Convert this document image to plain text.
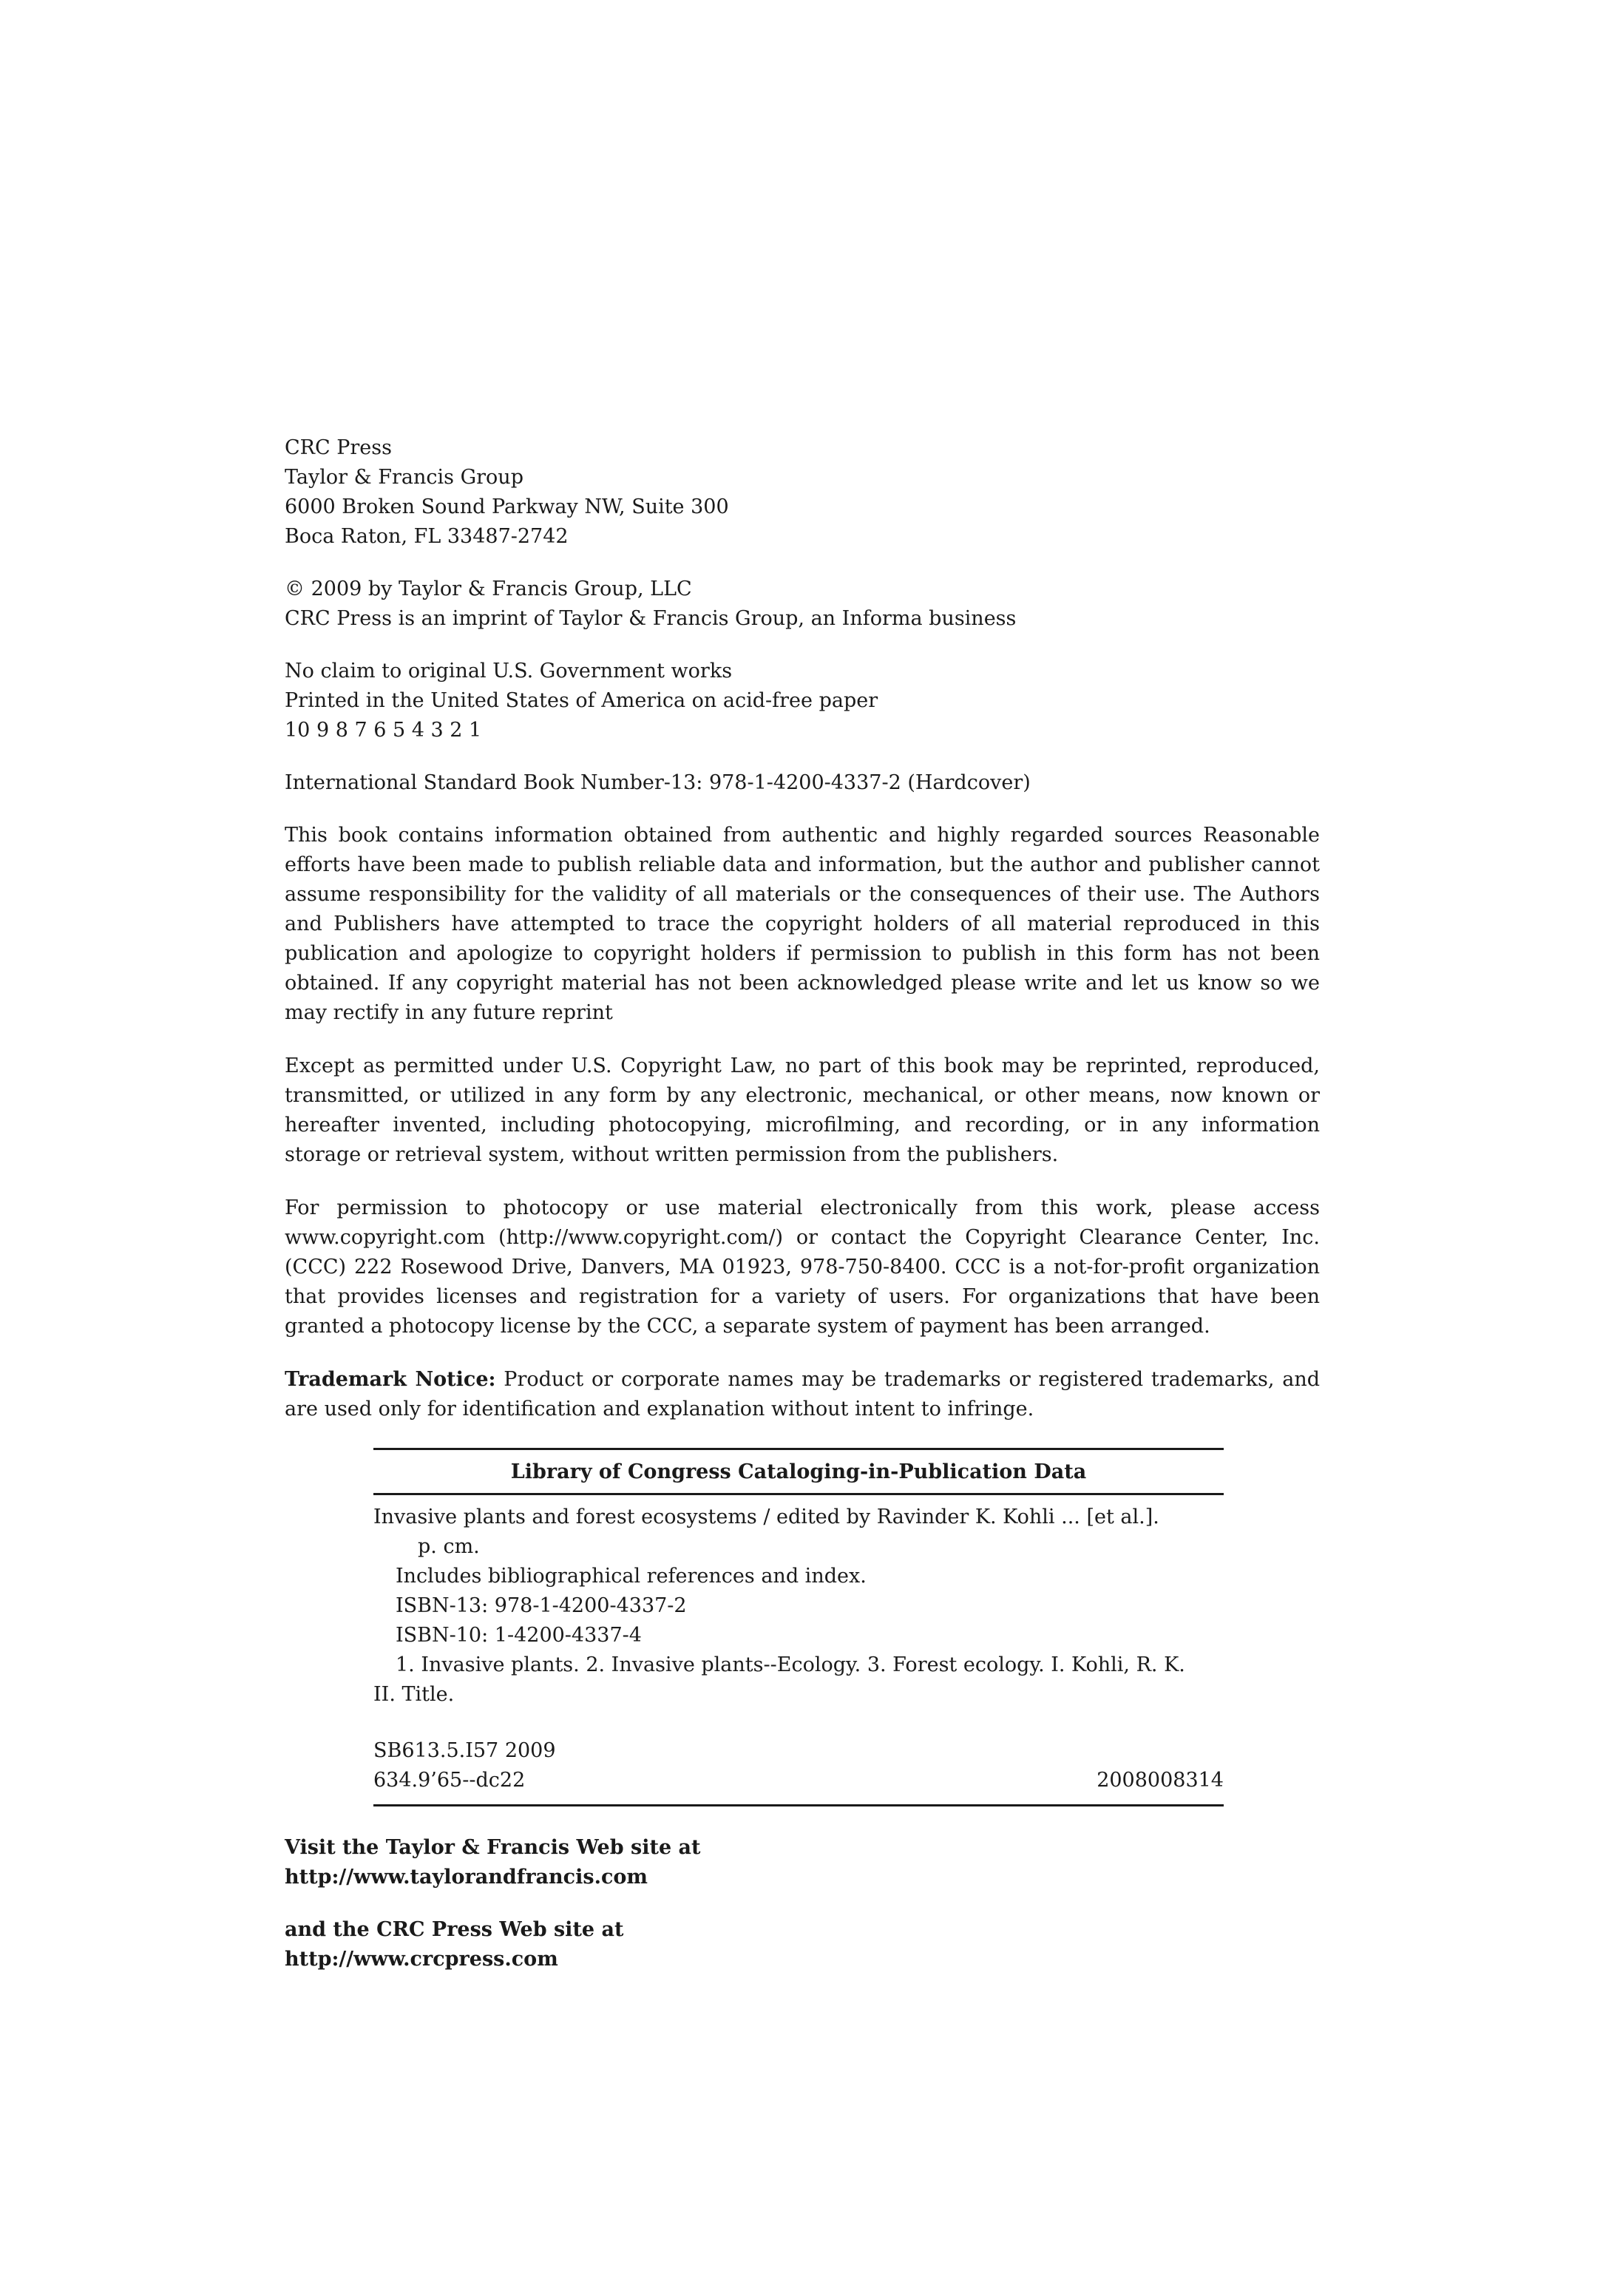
CRC Press
Taylor & Francis Group
6000 Broken Sound Parkway NW, Suite 300
Boca Raton, FL 33487-2742
© 2009 by Taylor & Francis Group, LLC
CRC Press is an imprint of Taylor & Francis Group, an Informa business
No claim to original U.S. Government works
Printed in the United States of America on acid-free paper
10 9 8 7 6 5 4 3 2 1
International Standard Book Number-13: 978-1-4200-4337-2 (Hardcover)
This book contains information obtained from authentic and highly regarded sources Reasonable efforts have been made to publish reliable data and information, but the author and publisher cannot assume responsibility for the validity of all materials or the consequences of their use. The Authors and Publishers have attempted to trace the copyright holders of all material reproduced in this publication and apologize to copyright holders if permission to publish in this form has not been obtained. If any copyright material has not been acknowledged please write and let us know so we may rectify in any future reprint
Except as permitted under U.S. Copyright Law, no part of this book may be reprinted, reproduced, transmitted, or utilized in any form by any electronic, mechanical, or other means, now known or hereafter invented, including photocopying, microfilming, and recording, or in any information storage or retrieval system, without written permission from the publishers.
For permission to photocopy or use material electronically from this work, please access www.copyright.com (http://www.copyright.com/) or contact the Copyright Clearance Center, Inc. (CCC) 222 Rosewood Drive, Danvers, MA 01923, 978-750-8400. CCC is a not-for-profit organization that provides licenses and registration for a variety of users. For organizations that have been granted a photocopy license by the CCC, a separate system of payment has been arranged.
Trademark Notice: Product or corporate names may be trademarks or registered trademarks, and are used only for identification and explanation without intent to infringe.
Library of Congress Cataloging-in-Publication Data
Invasive plants and forest ecosystems / edited by Ravinder K. Kohli ... [et al.].
p. cm.
Includes bibliographical references and index.
ISBN-13: 978-1-4200-4337-2
ISBN-10: 1-4200-4337-4
1. Invasive plants. 2. Invasive plants--Ecology. 3. Forest ecology. I. Kohli, R. K.
II. Title.
SB613.5.I57 2009
634.9’65--dc22	2008008314
Visit the Taylor & Francis Web site at
http://www.taylorandfrancis.com
and the CRC Press Web site at
http://www.crcpress.com
